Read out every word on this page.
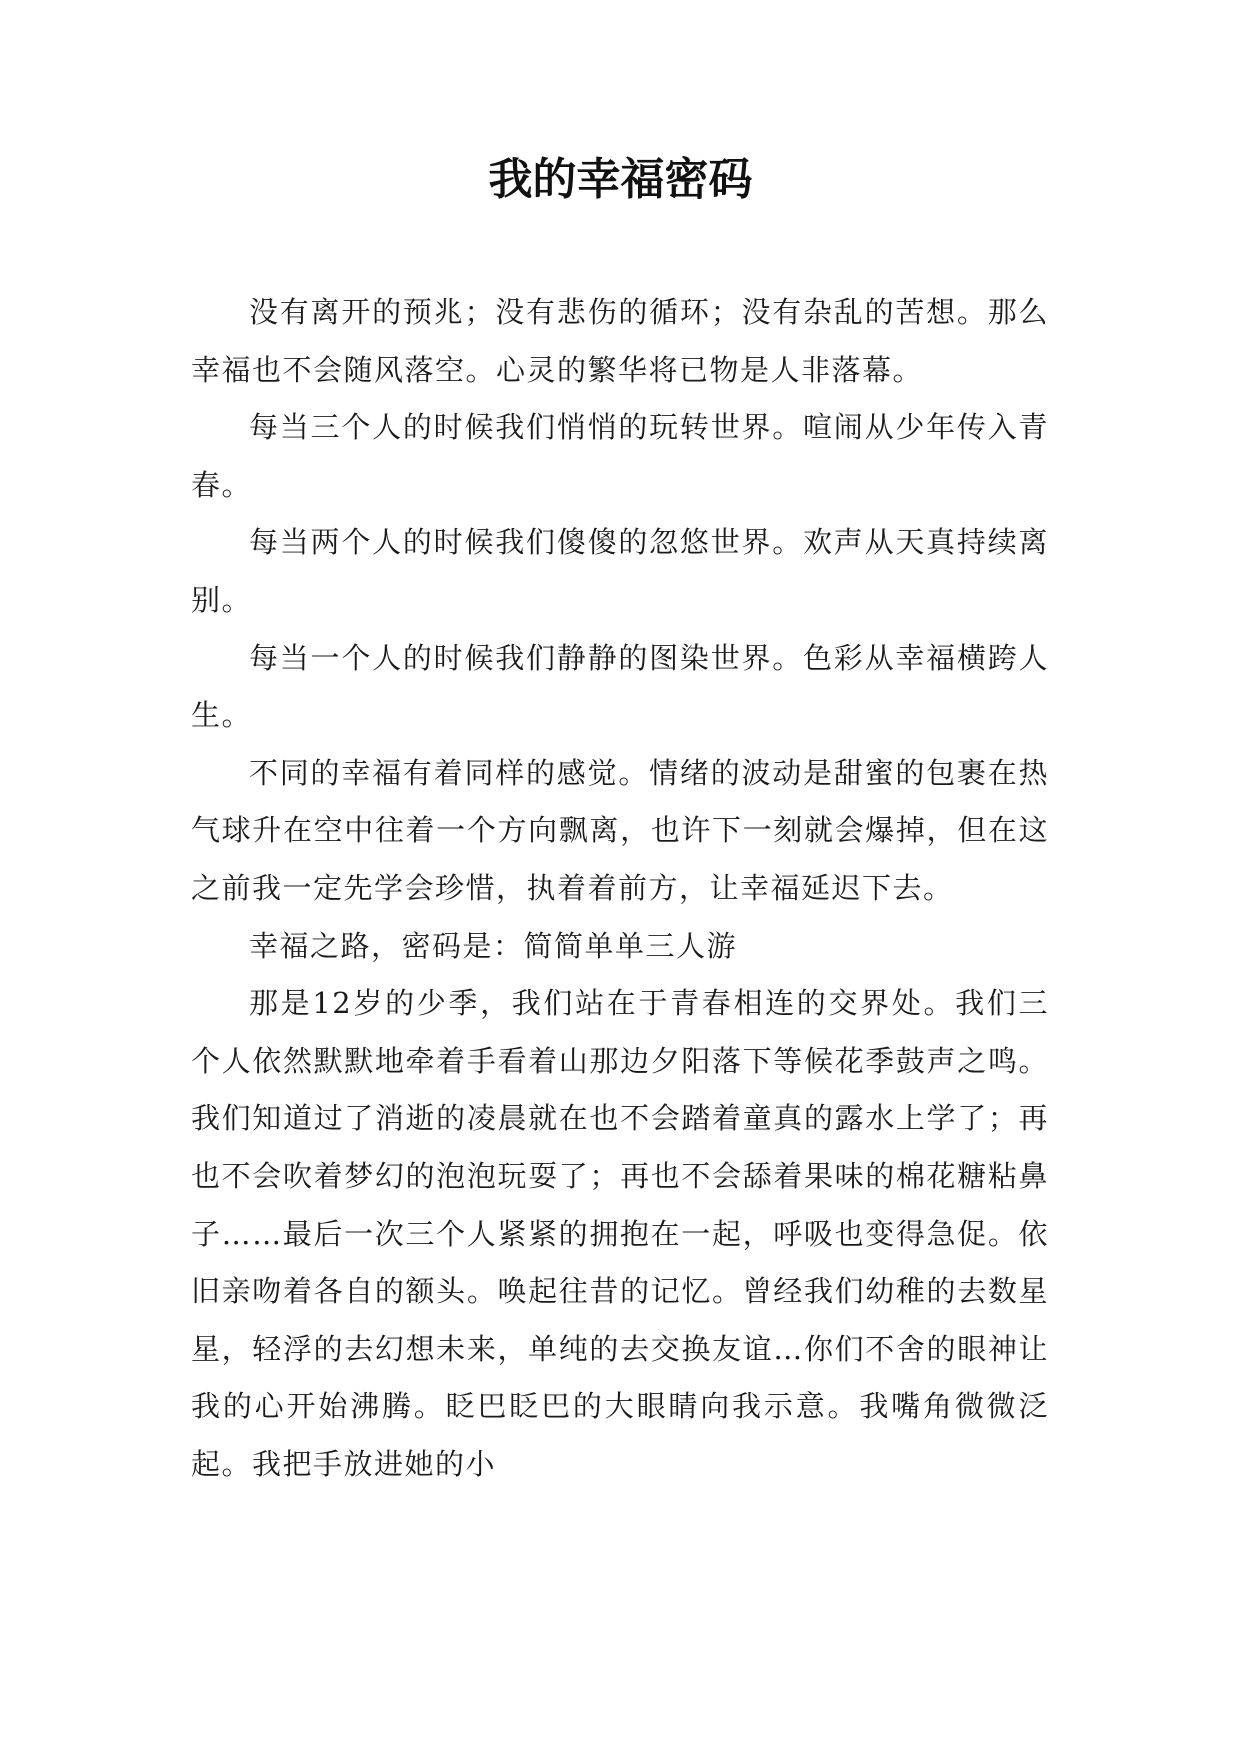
我的幸福密码

没有离开的预兆；没有悲伤的循环；没有杂乱的苦想。那么幸福也不会随风落空。心灵的繁华将已物是人非落幕。

每当三个人的时候我们悄悄的玩转世界。喧闹从少年传入青春。

每当两个人的时候我们傻傻的忽悠世界。欢声从天真持续离别。

每当一个人的时候我们静静的图染世界。色彩从幸福横跨人生。

不同的幸福有着同样的感觉。情绪的波动是甜蜜的包裹在热气球升在空中往着一个方向飘离，也许下一刻就会爆掉，但在这之前我一定先学会珍惜，执着着前方，让幸福延迟下去。

幸福之路，密码是：简简单单三人游

那是12岁的少季，我们站在于青春相连的交界处。我们三个人依然默默地牵着手看着山那边夕阳落下等候花季鼓声之鸣。我们知道过了消逝的凌晨就在也不会踏着童真的露水上学了；再也不会吹着梦幻的泡泡玩耍了；再也不会舔着果味的棉花糖粘鼻子……最后一次三个人紧紧的拥抱在一起，呼吸也变得急促。依旧亲吻着各自的额头。唤起往昔的记忆。曾经我们幼稚的去数星星，轻浮的去幻想未来，单纯的去交换友谊…你们不舍的眼神让我的心开始沸腾。眨巴眨巴的大眼睛向我示意。我嘴角微微泛起。我把手放进她的小
